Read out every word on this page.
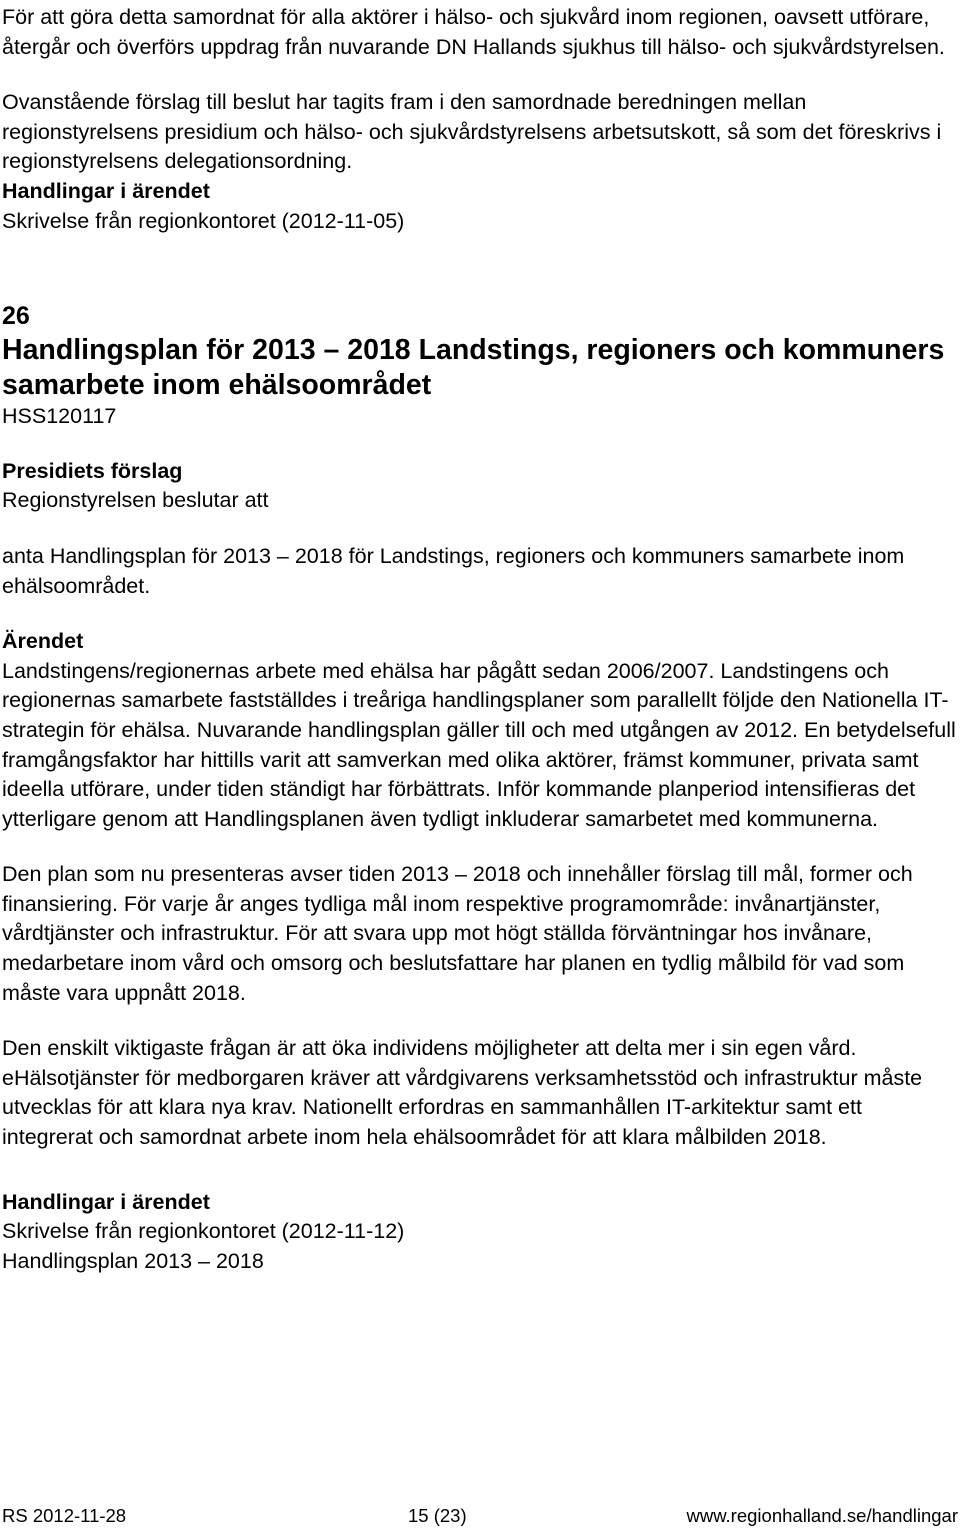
För att göra detta samordnat för alla aktörer i hälso- och sjukvård inom regionen, oavsett utförare, återgår och överförs uppdrag från nuvarande DN Hallands sjukhus till hälso- och sjukvårdstyrelsen.

Ovanstående förslag till beslut har tagits fram i den samordnade beredningen mellan regionstyrelsens presidium och hälso- och sjukvårdstyrelsens arbetsutskott, så som det föreskrivs i regionstyrelsens delegationsordning.

Handlingar i ärendet

Skrivelse från regionkontoret (2012-11-05)

26

Handlingsplan för 2013 – 2018 Landstings, regioners och kommuners samarbete inom ehälsoområdet

HSS120117

Presidiets förslag

Regionstyrelsen beslutar att

anta Handlingsplan för 2013 – 2018 för Landstings, regioners och kommuners samarbete inom ehälsoområdet.

Ärendet

Landstingens/regionernas arbete med ehälsa har pågått sedan 2006/2007. Landstingens och regionernas samarbete fastställdes i treåriga handlingsplaner som parallellt följde den Nationella IT-strategin för ehälsa. Nuvarande handlingsplan gäller till och med utgången av 2012. En betydelsefull framgångsfaktor har hittills varit att samverkan med olika aktörer, främst kommuner, privata samt ideella utförare, under tiden ständigt har förbättrats. Inför kommande planperiod intensifieras det ytterligare genom att Handlingsplanen även tydligt inkluderar samarbetet med kommunerna.

Den plan som nu presenteras avser tiden 2013 – 2018 och innehåller förslag till mål, former och finansiering. För varje år anges tydliga mål inom respektive programområde: invånartjänster, vårdtjänster och infrastruktur. För att svara upp mot högt ställda förväntningar hos invånare, medarbetare inom vård och omsorg och beslutsfattare har planen en tydlig målbild för vad som måste vara uppnått 2018.

Den enskilt viktigaste frågan är att öka individens möjligheter att delta mer i sin egen vård. eHälsotjänster för medborgaren kräver att vårdgivarens verksamhetsstöd och infrastruktur måste utvecklas för att klara nya krav. Nationellt erfordras en sammanhållen IT-arkitektur samt ett integrerat och samordnat arbete inom hela ehälsoområdet för att klara målbilden 2018.

Handlingar i ärendet

Skrivelse från regionkontoret (2012-11-12)

Handlingsplan 2013 – 2018

RS 2012-11-28	15 (23)	www.regionhalland.se/handlingar
